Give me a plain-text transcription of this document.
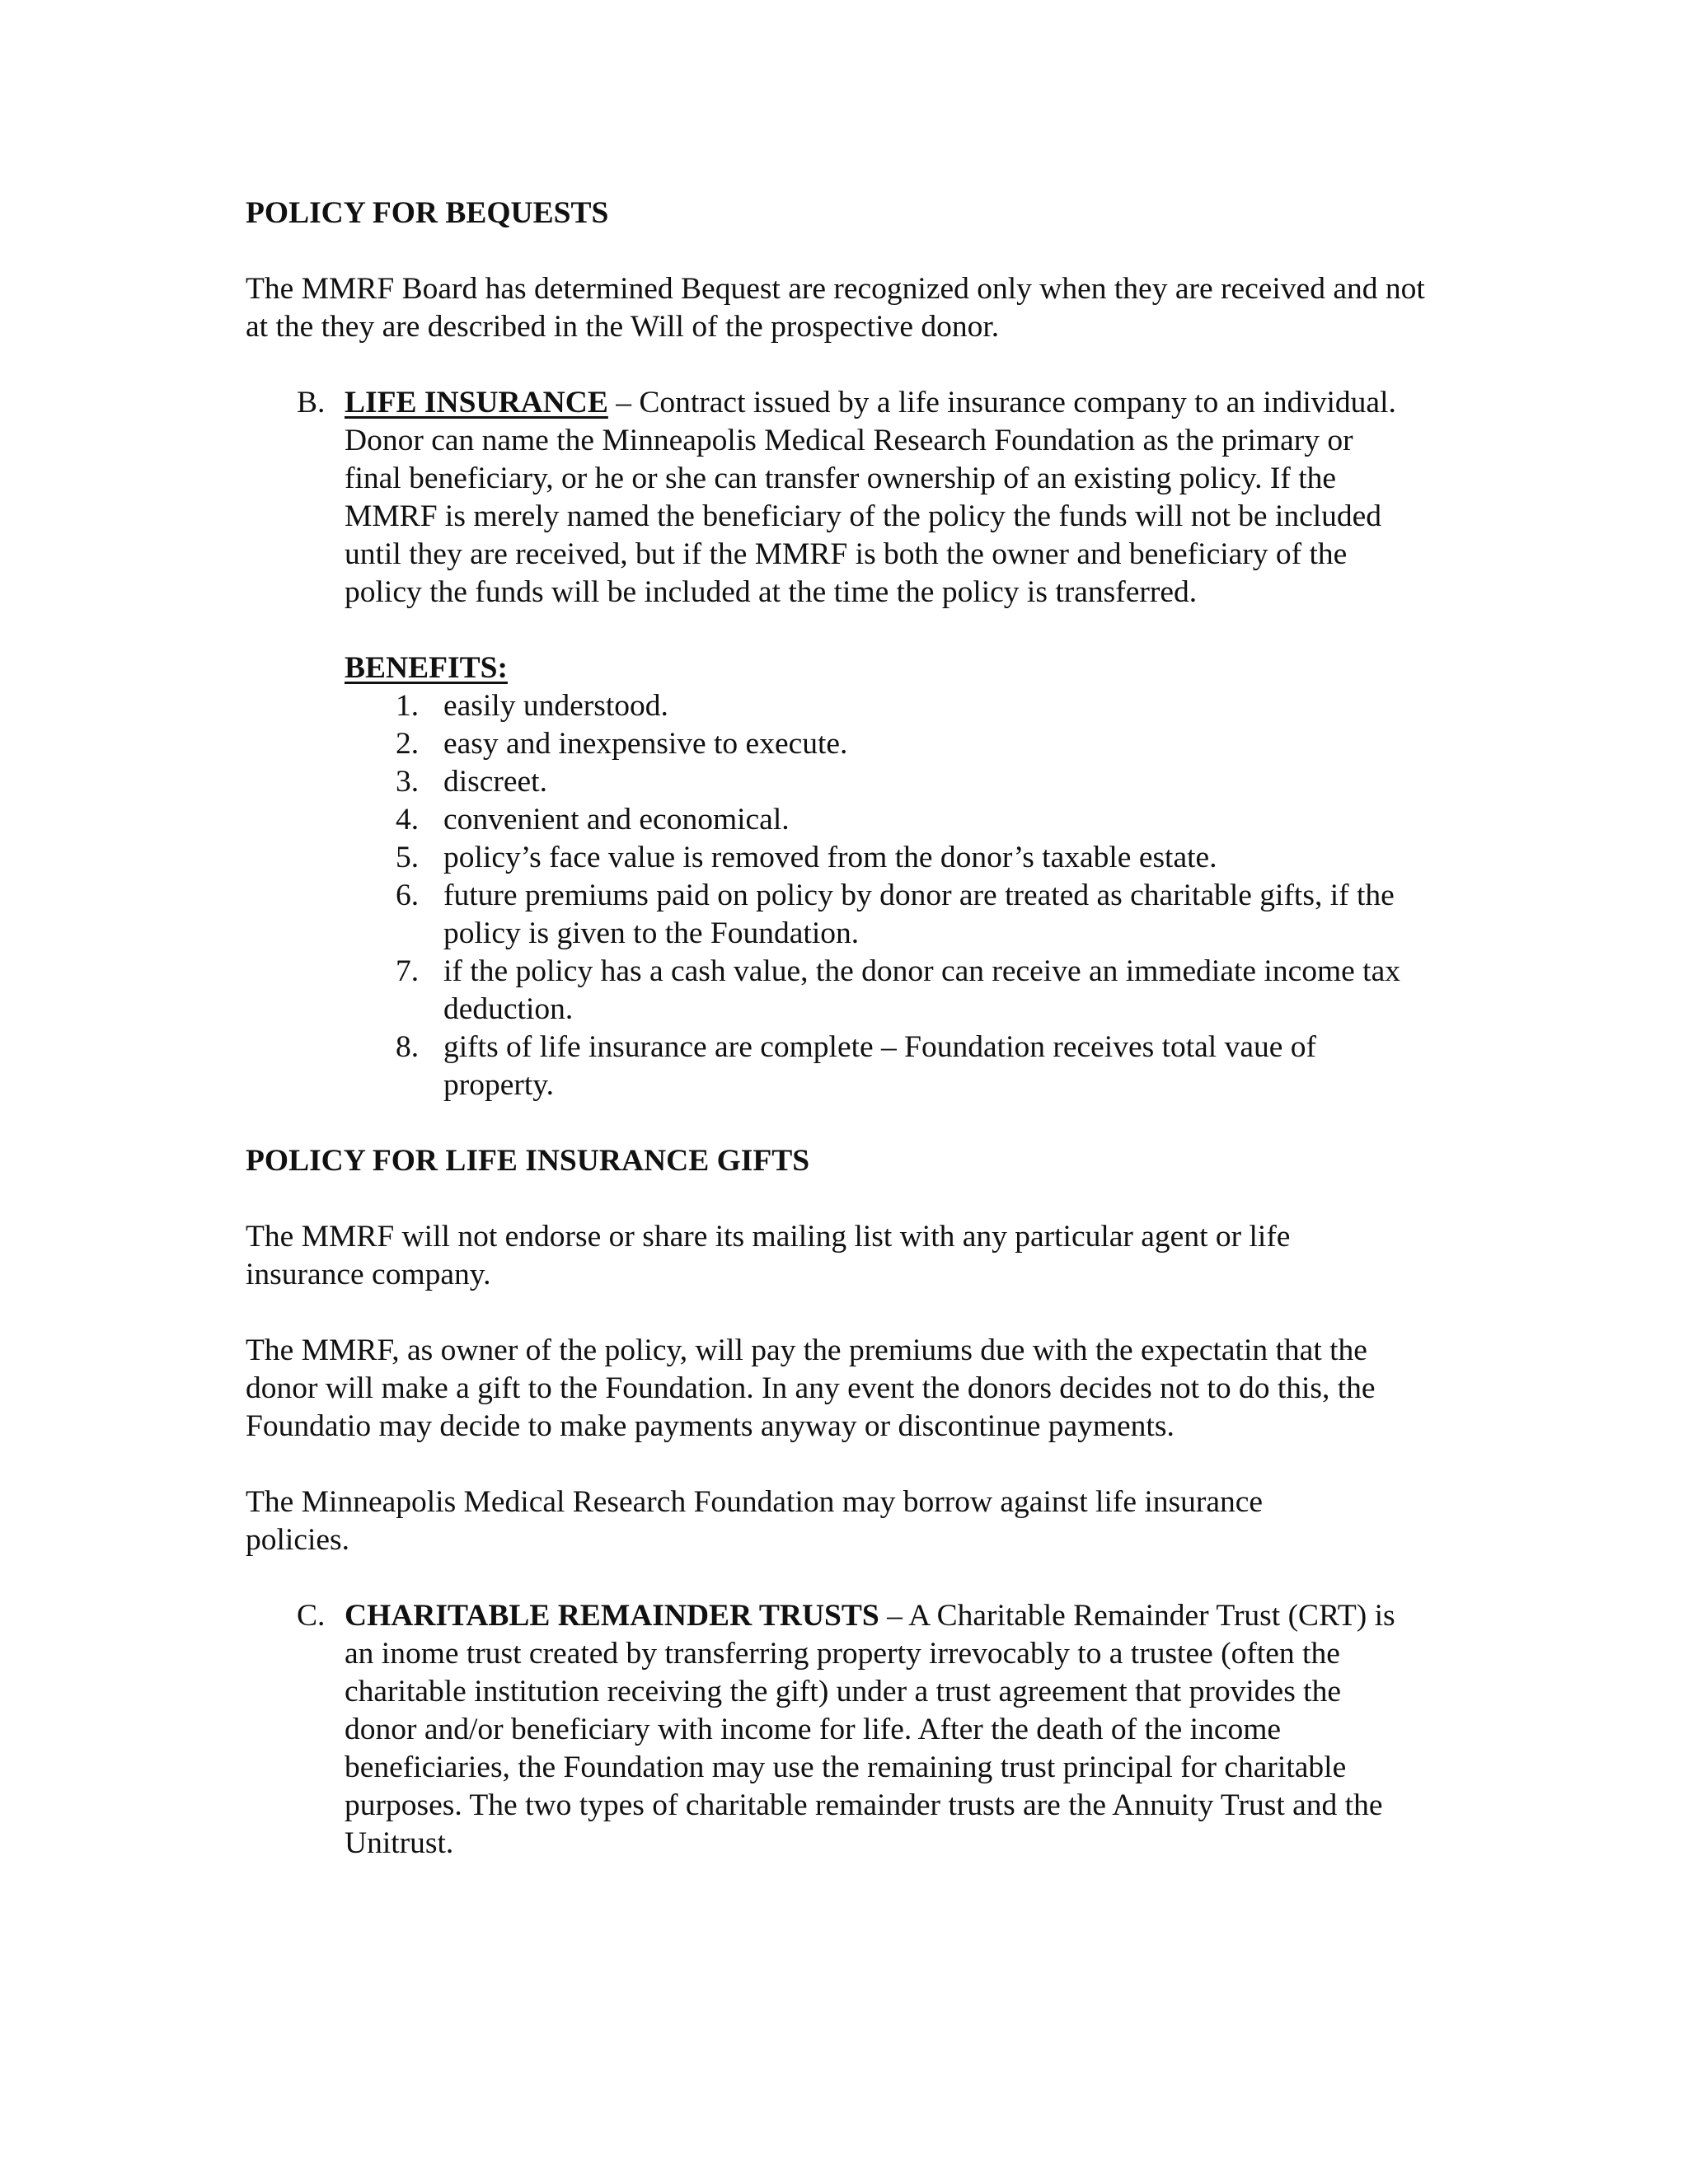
POLICY FOR BEQUESTS

The MMRF Board has determined Bequest are recognized only when they are received and not at the they are described in the Will of the prospective donor.

B. LIFE INSURANCE – Contract issued by a life insurance company to an individual. Donor can name the Minneapolis Medical Research Foundation as the primary or final beneficiary, or he or she can transfer ownership of an existing policy. If the MMRF is merely named the beneficiary of the policy the funds will not be included until they are received, but if the MMRF is both the owner and beneficiary of the policy the funds will be included at the time the policy is transferred.

BENEFITS:

1. easily understood.
2. easy and inexpensive to execute.
3. discreet.
4. convenient and economical.
5. policy’s face value is removed from the donor’s taxable estate.
6. future premiums paid on policy by donor are treated as charitable gifts, if the policy is given to the Foundation.
7. if the policy has a cash value, the donor can receive an immediate income tax deduction.
8. gifts of life insurance are complete – Foundation receives total vaue of property.
POLICY FOR LIFE INSURANCE GIFTS

The MMRF will not endorse or share its mailing list with any particular agent or life insurance company.

The MMRF, as owner of the policy, will pay the premiums due with the expectatin that the donor will make a gift to the Foundation. In any event the donors decides not to do this, the Foundatio may decide to make payments anyway or discontinue payments.

The Minneapolis Medical Research Foundation may borrow against life insurance policies.

C. CHARITABLE REMAINDER TRUSTS – A Charitable Remainder Trust (CRT) is an inome trust created by transferring property irrevocably to a trustee (often the charitable institution receiving the gift) under a trust agreement that provides the donor and/or beneficiary with income for life. After the death of the income beneficiaries, the Foundation may use the remaining trust principal for charitable purposes. The two types of charitable remainder trusts are the Annuity Trust and the Unitrust.
